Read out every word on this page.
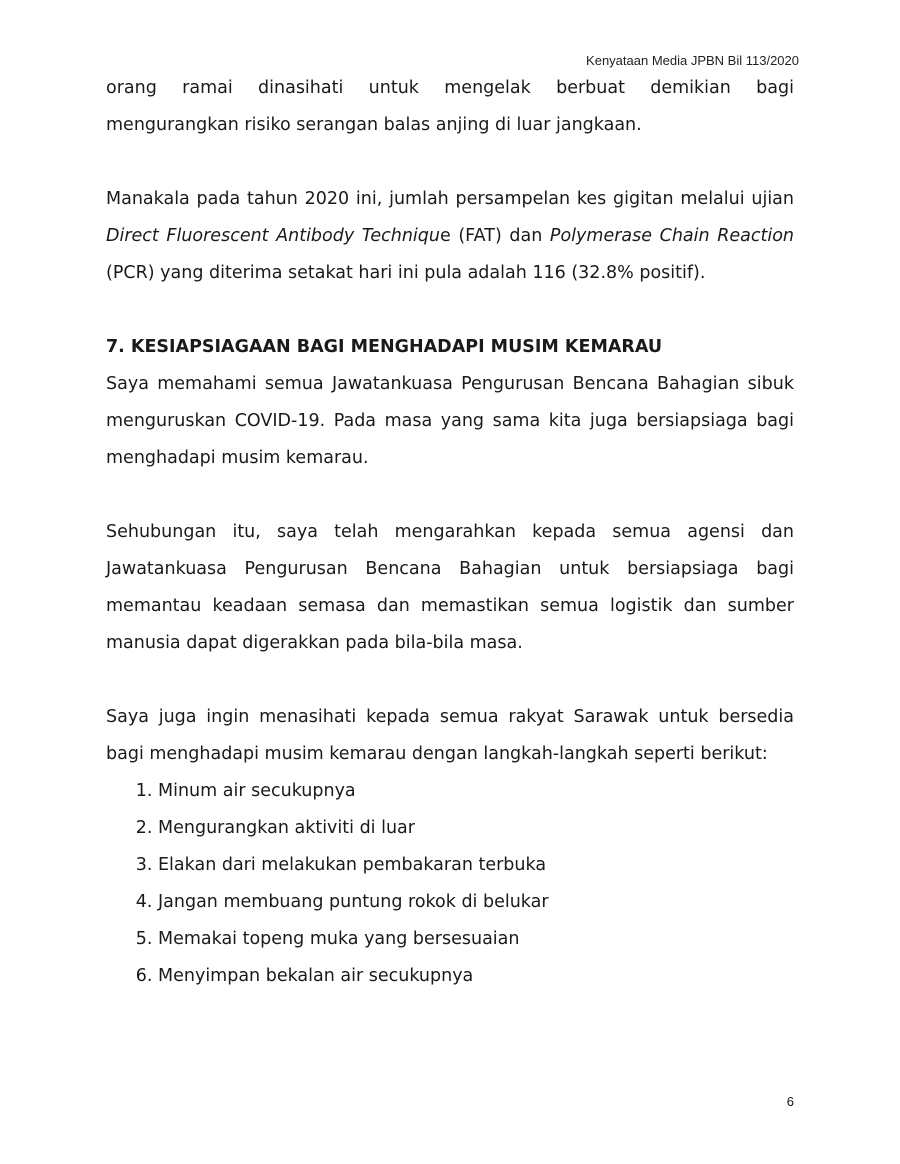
Kenyataan Media JPBN Bil 113/2020

orang ramai dinasihati untuk mengelak berbuat demikian bagi

mengurangkan risiko serangan balas anjing di luar jangkaan.

Manakala pada tahun 2020 ini, jumlah persampelan kes gigitan melalui ujian Direct Fluorescent Antibody Technique (FAT) dan Polymerase Chain Reaction (PCR) yang diterima setakat hari ini pula adalah 116 (32.8% positif).

7. KESIAPSIAGAAN BAGI MENGHADAPI MUSIM KEMARAU

Saya memahami semua Jawatankuasa Pengurusan Bencana Bahagian sibuk menguruskan COVID-19. Pada masa yang sama kita juga bersiapsiaga bagi menghadapi musim kemarau.

Sehubungan itu, saya telah mengarahkan kepada semua agensi dan Jawatankuasa Pengurusan Bencana Bahagian untuk bersiapsiaga bagi memantau keadaan semasa dan memastikan semua logistik dan sumber manusia dapat digerakkan pada bila-bila masa.

Saya juga ingin menasihati kepada semua rakyat Sarawak untuk bersedia bagi menghadapi musim kemarau dengan langkah-langkah seperti berikut:

1. Minum air secukupnya
2. Mengurangkan aktiviti di luar
3. Elakan dari melakukan pembakaran terbuka
4. Jangan membuang puntung rokok di belukar
5. Memakai topeng muka yang bersesuaian
6. Menyimpan bekalan air secukupnya
6
